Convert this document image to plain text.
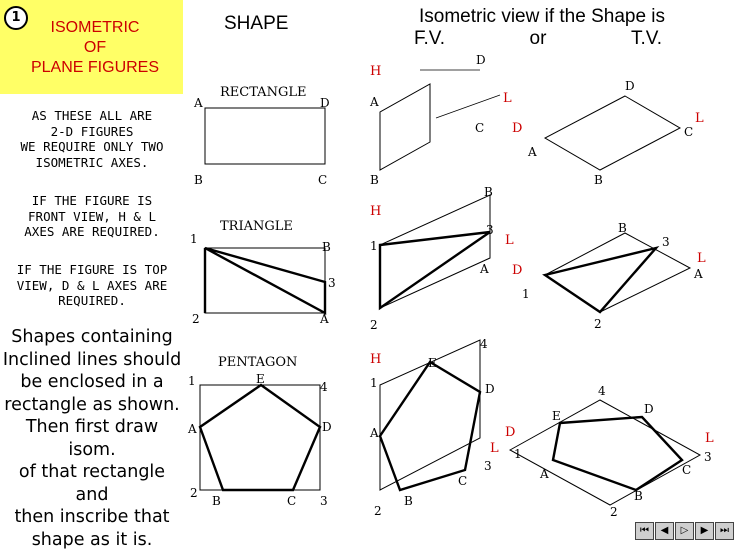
1
ISOMETRIC
OF
PLANE FIGURES
AS THESE ALL ARE
2-D FIGURES
WE REQUIRE ONLY TWO
ISOMETRIC AXES.
IF THE FIGURE IS
FRONT VIEW, H & L
AXES ARE REQUIRED.
IF THE FIGURE IS TOP
VIEW, D & L AXES ARE
REQUIRED.
Shapes containing
Inclined lines should
be enclosed in a
rectangle as shown.
Then first draw isom.
of that rectangle and
then inscribe that
shape as it is.
SHAPE	Isometric view if the Shape is
F.V.	or	T.V.
RECTANGLE
A	D
B	C
H
D
A	L
C
B
D
L
C
D
A
B
TRIANGLE
1
B
3
2	A
H
B
3
L
1
A
2
B
3
L
A
D
1
2
PENTAGON
E
1	4
A	D
2
B	C 3
H
4
E
1	D
A
L
3
C
2
B
D
1
4
D
E
L
3
C
A
B
2
⏮	◀	▷	▶	⏭
